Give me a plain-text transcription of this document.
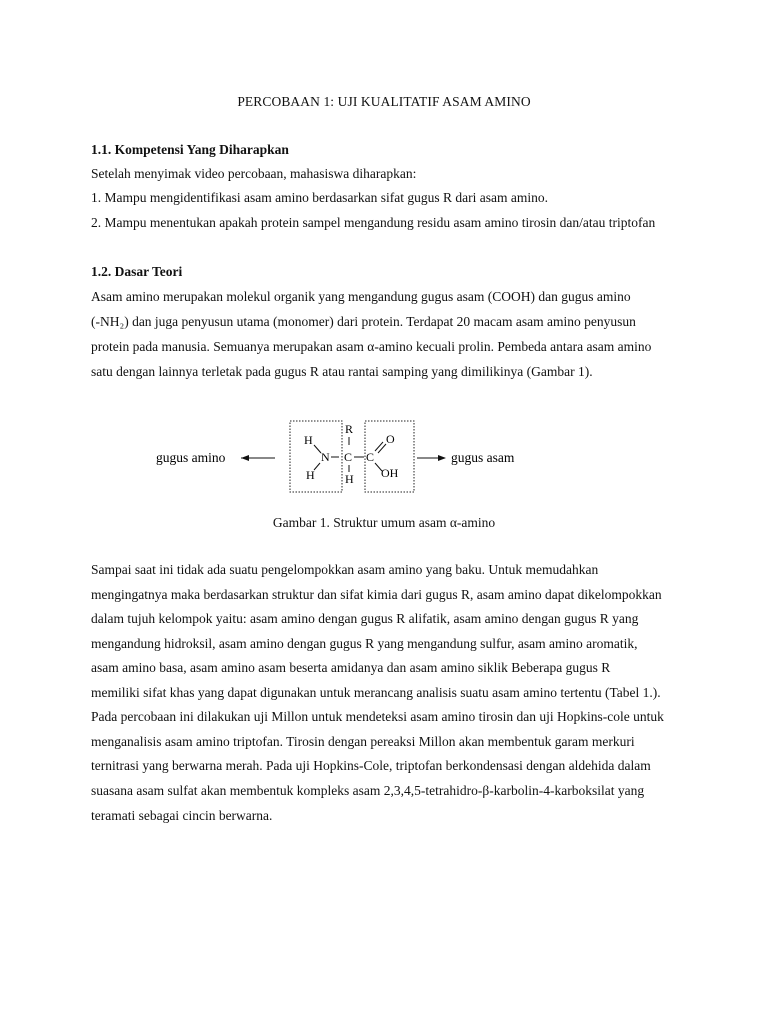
PERCOBAAN 1: UJI KUALITATIF ASAM AMINO
1.1. Kompetensi Yang Diharapkan
Setelah menyimak video percobaan, mahasiswa diharapkan:
1. Mampu mengidentifikasi asam amino berdasarkan sifat gugus R dari asam amino.
2. Mampu menentukan apakah protein sampel mengandung residu asam amino tirosin dan/atau triptofan
1.2. Dasar Teori
Asam amino merupakan molekul organik yang mengandung gugus asam (COOH) dan gugus amino
(-NH₂) dan juga penyusun utama (monomer) dari protein. Terdapat 20 macam asam amino penyusun
protein pada manusia. Semuanya merupakan asam α-amino kecuali prolin. Pembeda antara asam amino
satu dengan lainnya terletak pada gugus R atau rantai samping yang dimilikinya (Gambar 1).
gugus amino	gugus asam
R
H
N C C
O
OH
H	H
Gambar 1. Struktur umum asam α-amino
Sampai saat ini tidak ada suatu pengelompokkan asam amino yang baku. Untuk memudahkan
mengingatnya maka berdasarkan struktur dan sifat kimia dari gugus R, asam amino dapat dikelompokkan
dalam tujuh kelompok yaitu: asam amino dengan gugus R alifatik, asam amino dengan gugus R yang
mengandung hidroksil, asam amino dengan gugus R yang mengandung sulfur, asam amino aromatik,
asam amino basa, asam amino asam beserta amidanya dan asam amino siklik Beberapa gugus R
memiliki sifat khas yang dapat digunakan untuk merancang analisis suatu asam amino tertentu (Tabel 1.).
Pada percobaan ini dilakukan uji Millon untuk mendeteksi asam amino tirosin dan uji Hopkins-cole untuk
menganalisis asam amino triptofan. Tirosin dengan pereaksi Millon akan membentuk garam merkuri
ternitrasi yang berwarna merah. Pada uji Hopkins-Cole, triptofan berkondensasi dengan aldehida dalam
suasana asam sulfat akan membentuk kompleks asam 2,3,4,5-tetrahidro-β-karbolin-4-karboksilat yang
teramati sebagai cincin berwarna.
